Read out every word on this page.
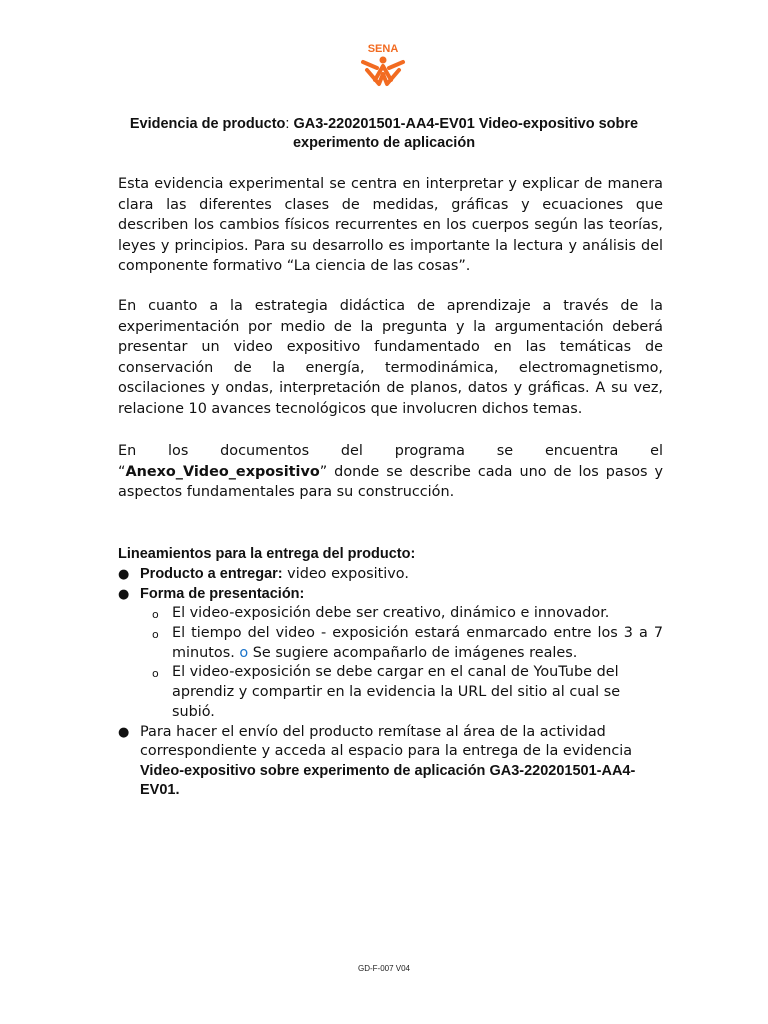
SENA
Evidencia de producto: GA3-220201501-AA4-EV01 Video-expositivo sobre experimento de aplicación
Esta evidencia experimental se centra en interpretar y explicar de manera clara las diferentes clases de medidas, gráficas y ecuaciones que describen los cambios físicos recurrentes en los cuerpos según las teorías, leyes y principios. Para su desarrollo es importante la lectura y análisis del componente formativo “La ciencia de las cosas”.
En cuanto a la estrategia didáctica de aprendizaje a través de la experimentación por medio de la pregunta y la argumentación deberá presentar un video expositivo fundamentado en las temáticas de conservación de la energía, termodinámica, electromagnetismo, oscilaciones y ondas, interpretación de planos, datos y gráficas. A su vez, relacione 10 avances tecnológicos que involucren dichos temas.
En los documentos del programa se encuentra el “Anexo_Video_expositivo” donde se describe cada uno de los pasos y aspectos fundamentales para su construcción.
Lineamientos para la entrega del producto:
● Producto a entregar: video expositivo.
● Forma de presentación:
o El video-exposición debe ser creativo, dinámico e innovador.
o El tiempo del video - exposición estará enmarcado entre los 3 a 7 minutos. o Se sugiere acompañarlo de imágenes reales.
o El video-exposición se debe cargar en el canal de YouTube del aprendiz y compartir en la evidencia la URL del sitio al cual se subió.
● Para hacer el envío del producto remítase al área de la actividad correspondiente y acceda al espacio para la entrega de la evidencia Video-expositivo sobre experimento de aplicación GA3-220201501-AA4-EV01.
GD-F-007 V04
